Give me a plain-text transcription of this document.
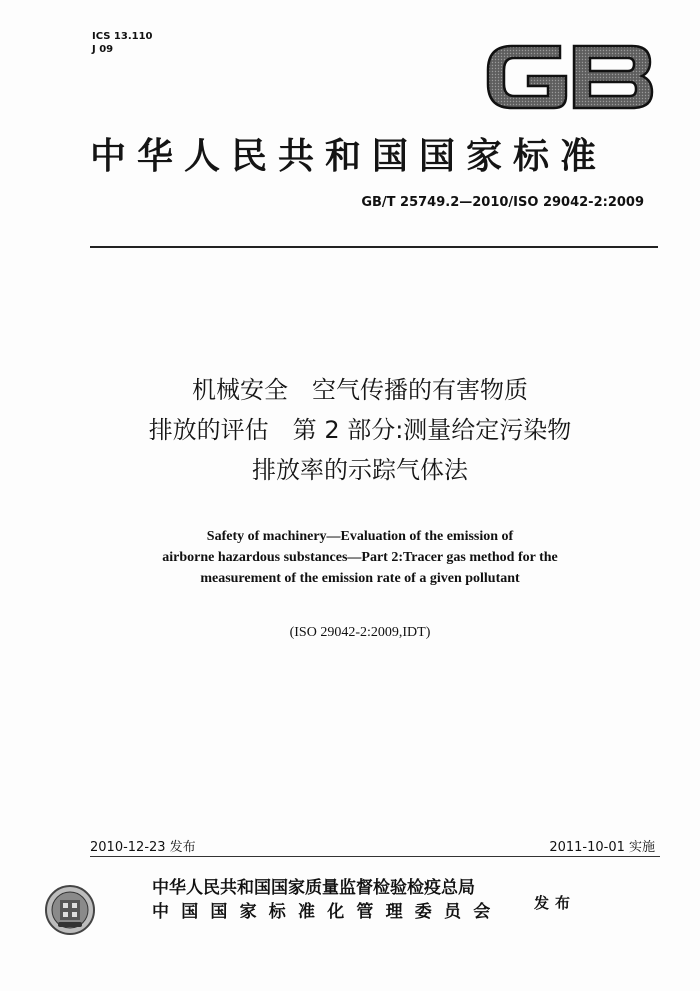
ICS 13.110
J 09
中华人民共和国国家标准
GB/T 25749.2—2010/ISO 29042-2:2009
机械安全　空气传播的有害物质
排放的评估　第 2 部分:测量给定污染物
排放率的示踪气体法
Safety of machinery—Evaluation of the emission of
airborne hazardous substances—Part 2:Tracer gas method for the
measurement of the emission rate of a given pollutant
(ISO 29042-2:2009,IDT)
2010-12-23 发布	2011-10-01 实施
中华人民共和国国家质量监督检验检疫总局
中国国家标准化管理委员会 发布
